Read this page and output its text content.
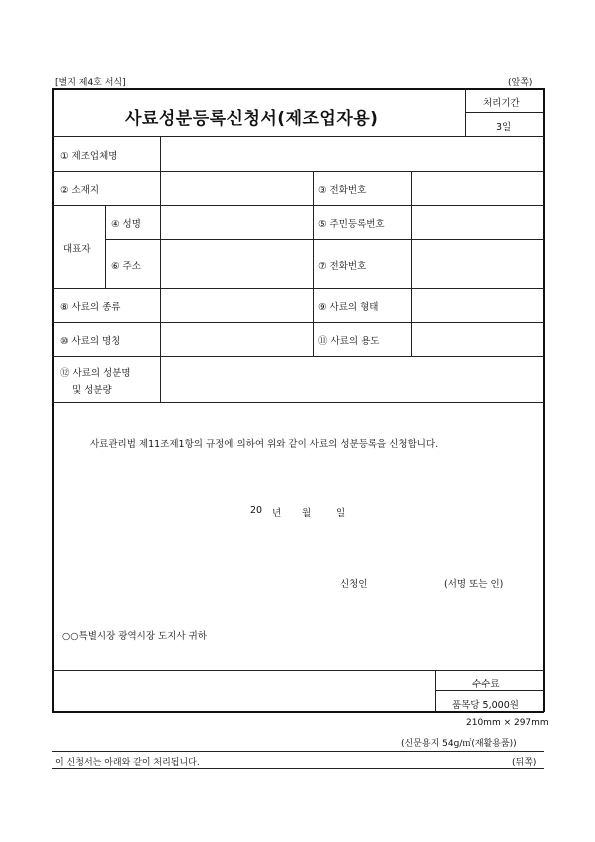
[별지 제4호 서식]	(앞쪽)
사료성분등록신청서(제조업자용)
처리기간
3일
① 제조업체명
② 소재지	③ 전화번호
대표자
④ 성명	⑤ 주민등록번호
⑥ 주소	⑦ 전화번호
⑧ 사료의 종류	⑨ 사료의 형태
⑩ 사료의 명칭	⑪ 사료의 용도
⑫ 사료의 성분명
및 성분량
사료관리법 제11조제1항의 규정에 의하여 위와 같이 사료의 성분등록을 신청합니다.
20 년 월	일
신청인	(서명 또는 인)
○○특별시장 광역시장 도지사 귀하
수수료
품목당 5,000원
210mm × 297mm
(신문용지 54g/㎡(재활용품))
이 신청서는 아래와 같이 처리됩니다.	(뒤쪽)
